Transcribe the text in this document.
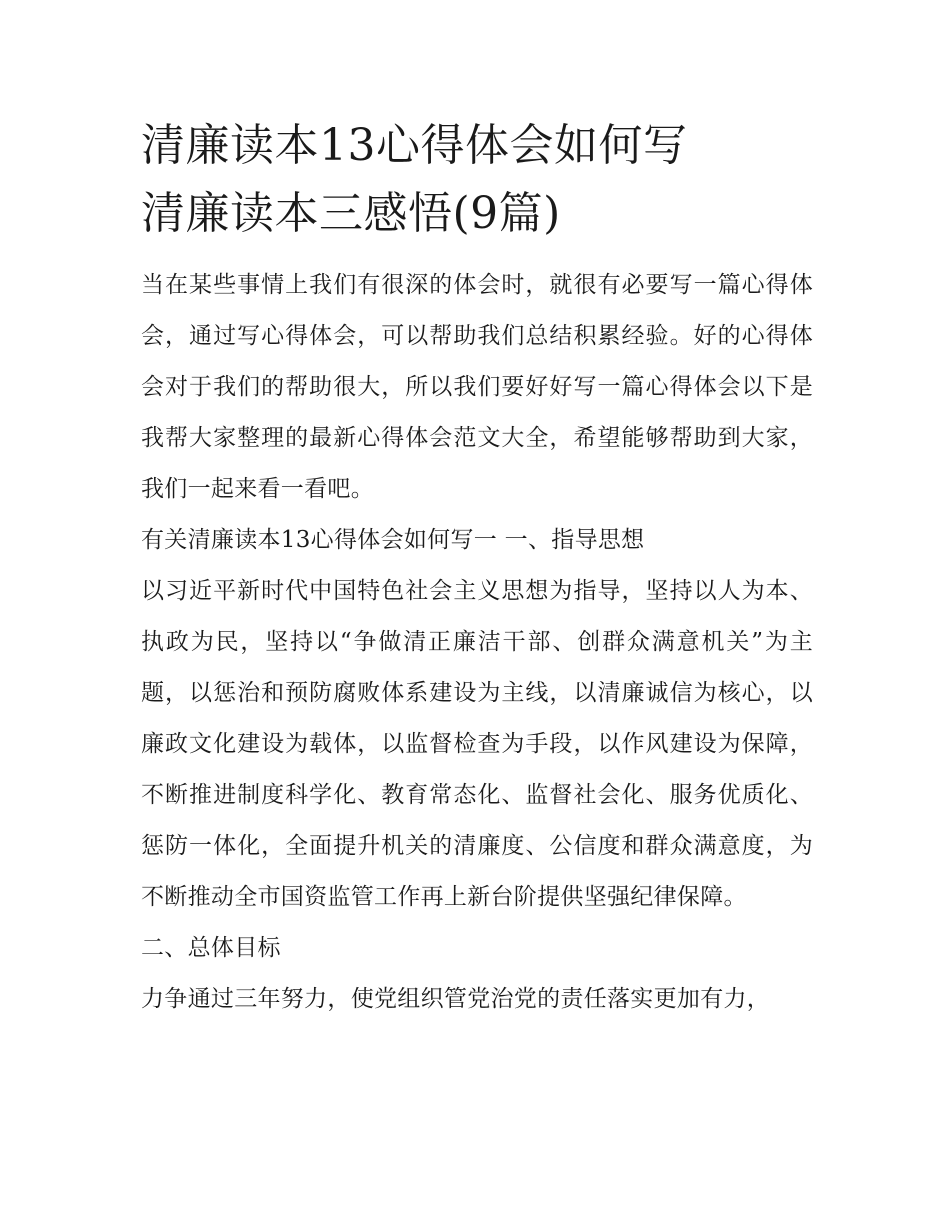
清廉读本13心得体会如何写
清廉读本三感悟(9篇)

当在某些事情上我们有很深的体会时，就很有必要写一篇心得体会，通过写心得体会，可以帮助我们总结积累经验。好的心得体会对于我们的帮助很大，所以我们要好好写一篇心得体会以下是我帮大家整理的最新心得体会范文大全，希望能够帮助到大家，我们一起来看一看吧。

有关清廉读本13心得体会如何写一 一、指导思想

以习近平新时代中国特色社会主义思想为指导，坚持以人为本、执政为民，坚持以“争做清正廉洁干部、创群众满意机关”为主题，以惩治和预防腐败体系建设为主线，以清廉诚信为核心，以廉政文化建设为载体，以监督检查为手段，以作风建设为保障，不断推进制度科学化、教育常态化、监督社会化、服务优质化、惩防一体化，全面提升机关的清廉度、公信度和群众满意度，为不断推动全市国资监管工作再上新台阶提供坚强纪律保障。

二、总体目标

力争通过三年努力，使党组织管党治党的责任落实更加有力，
